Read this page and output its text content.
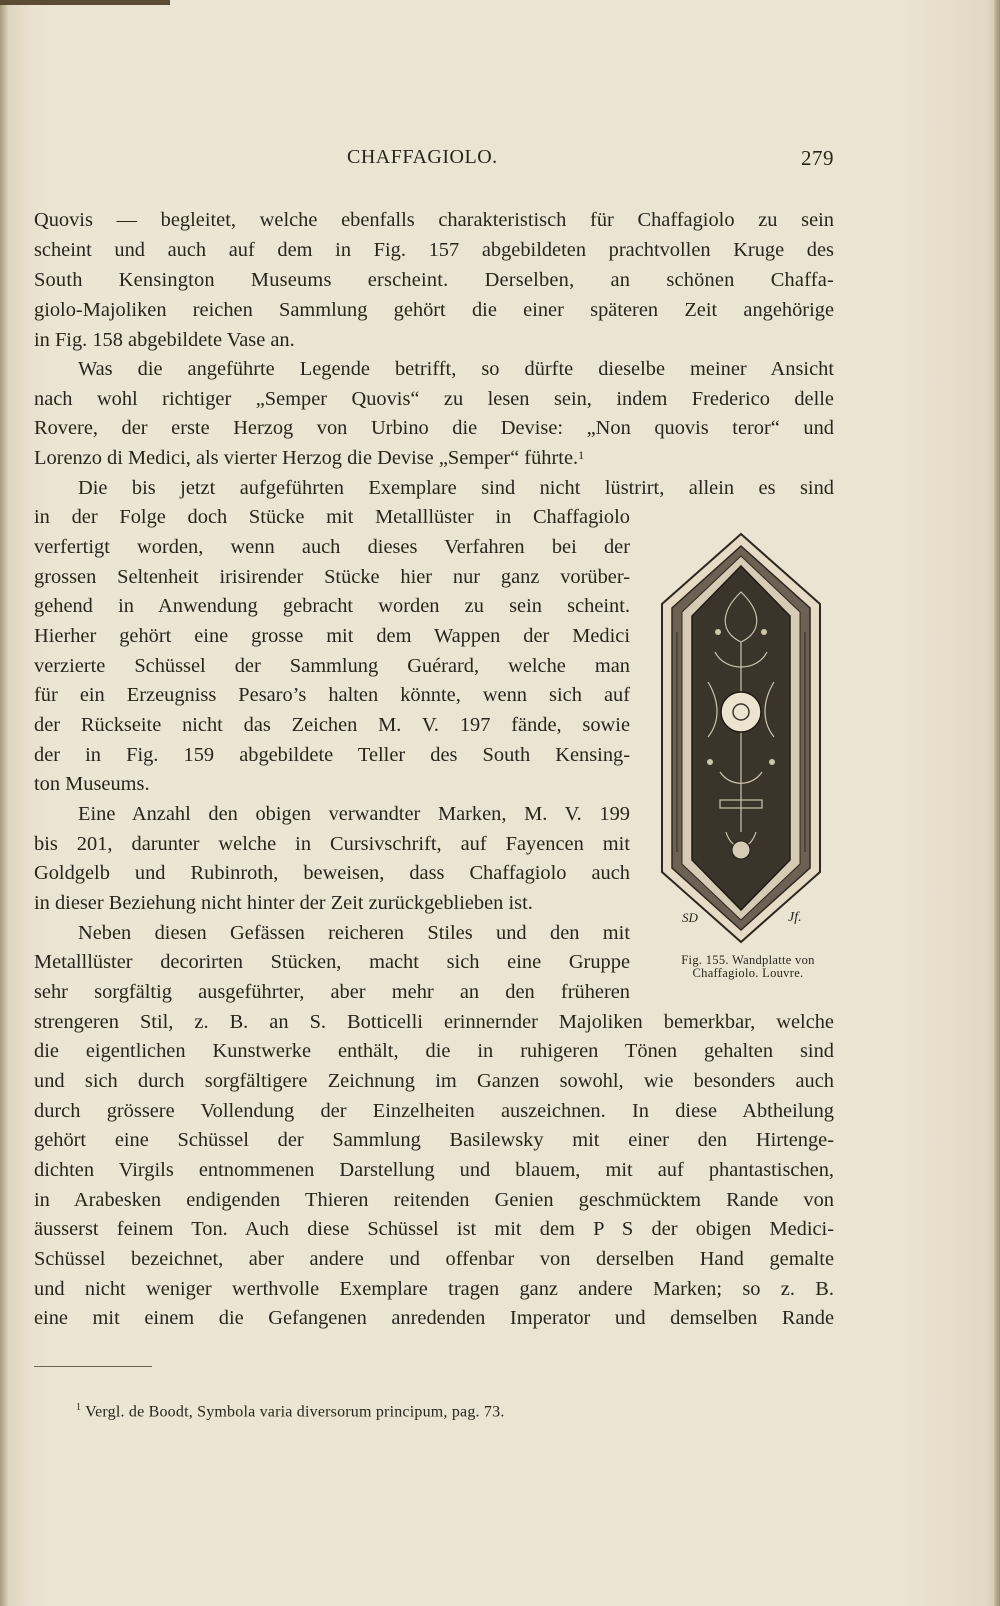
CHAFFAGIOLO.	279
Quovis — begleitet, welche ebenfalls charakteristisch für Chaffagiolo zu sein
scheint und auch auf dem in Fig. 157 abgebildeten prachtvollen Kruge des
South Kensington Museums erscheint. Derselben, an schönen Chaffa-
giolo-Majoliken reichen Sammlung gehört die einer späteren Zeit angehörige
in Fig. 158 abgebildete Vase an.
Was die angeführte Legende betrifft, so dürfte dieselbe meiner Ansicht
nach wohl richtiger „Semper Quovis“ zu lesen sein, indem Frederico delle
Rovere, der erste Herzog von Urbino die Devise: „Non quovis teror“ und
Lorenzo di Medici, als vierter Herzog die Devise „Semper“ führte.$^1$
Die bis jetzt aufgeführten Exemplare sind nicht lüstrirt, allein es sind
in der Folge doch Stücke mit Metalllüster in Chaffagiolo
verfertigt worden, wenn auch dieses Verfahren bei der
grossen Seltenheit irisirender Stücke hier nur ganz vorüber-
gehend in Anwendung gebracht worden zu sein scheint.
Hierher gehört eine grosse mit dem Wappen der Medici
verzierte Schüssel der Sammlung Guérard, welche man
für ein Erzeugniss Pesaro’s halten könnte, wenn sich auf
der Rückseite nicht das Zeichen M. V. 197 fände, sowie
der in Fig. 159 abgebildete Teller des South Kensing-
ton Museums.
Eine Anzahl den obigen verwandter Marken, M. V. 199
bis 201, darunter welche in Cursivschrift, auf Fayencen mit
Goldgelb und Rubinroth, beweisen, dass Chaffagiolo auch
in dieser Beziehung nicht hinter der Zeit zurückgeblieben ist.
Neben diesen Gefässen reicheren Stiles und den mit
Metalllüster decorirten Stücken, macht sich eine Gruppe
sehr sorgfältig ausgeführter, aber mehr an den früheren
strengeren Stil, z. B. an S. Botticelli erinnernder Majoliken bemerkbar, welche
die eigentlichen Kunstwerke enthält, die in ruhigeren Tönen gehalten sind
und sich durch sorgfältigere Zeichnung im Ganzen sowohl, wie besonders auch
durch grössere Vollendung der Einzelheiten auszeichnen. In diese Abtheilung
gehört eine Schüssel der Sammlung Basilewsky mit einer den Hirtenge-
dichten Virgils entnommenen Darstellung und blauem, mit auf phantastischen,
in Arabesken endigenden Thieren reitenden Genien geschmücktem Rande von
äusserst feinem Ton. Auch diese Schüssel ist mit dem P S der obigen Medici-
Schüssel bezeichnet, aber andere und offenbar von derselben Hand gemalte
und nicht weniger werthvolle Exemplare tragen ganz andere Marken; so z. B.
eine mit einem die Gefangenen anredenden Imperator und demselben Rande
SD	Jf.
Fig. 155. Wandplatte von Chaffagiolo. Louvre.
$^1$ Vergl. de Boodt, Symbola varia diversorum principum, pag. 73.
